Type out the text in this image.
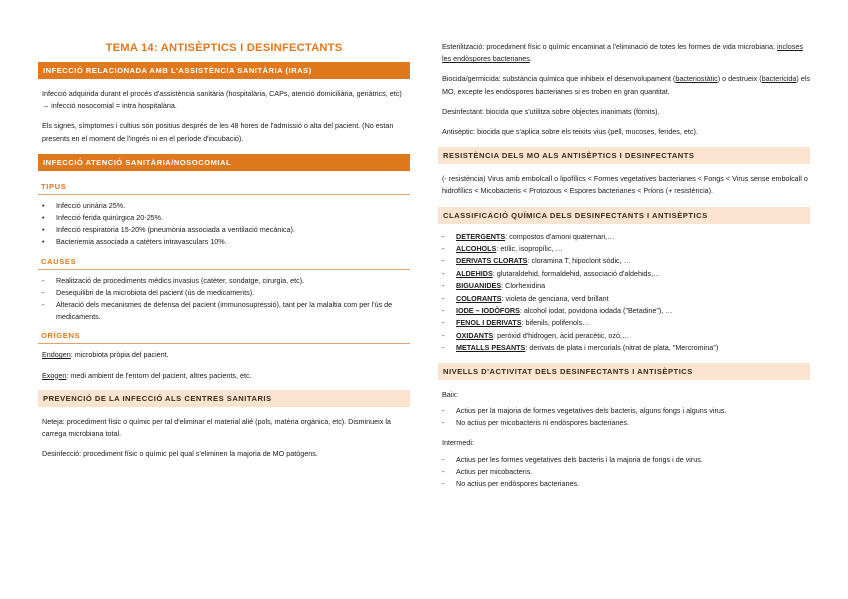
TEMA 14: ANTISÈPTICS I DESINFECTANTS
INFECCIÓ RELACIONADA AMB L'ASSISTÈNCIA SANITÀRIA (IRAS)

Infecció adquirida durant el procés d'assistència sanitària (hospitalària, CAPs, atenció domiciliària, geriàtrics, etc) → infecció nosocomial = intra hospitalària.

Els signes, símptomes i cultius són positius després de les 48 hores de l'admissió o alta del pacient. (No estan presents en el moment de l'ingrés ni en el període d'incubació).

INFECCIÓ ATENCIÓ SANITÀRIA/NOSOCOMIAL
TIPUS
• Infecció urinària 25%.
• Infecció ferida quirúrgica 20-25%.
• Infecció respiratòria 15-20% (pneumònia associada a ventilació mecànica).
• Bacteriemia associada a catèters intravasculars 10%.
CAUSES
- Realització de procediments mèdics invasius (catèter, sondatge, cirurgia, etc).
- Desequilibri de la microbiota del pacient (ús de medicaments).
- Alteració dels mecanismes de defensa del pacient (immunosupressió), tant per la malaltia com per l'ús de medicaments.
ORÍGENS

Endogen: microbiota pròpia del pacient.

Exogen: medi ambient de l'entorn del pacient, altres pacients, etc.

PREVENCIÓ DE LA INFECCIÓ ALS CENTRES SANITARIS

Neteja: procediment físic o químic per tal d'eliminar el material alié (pols, matèria orgànica, etc). Disminueix la carrega microbiana total.

Desinfecció: procediment físic o químic pel qual s'eliminen la majoria de MO patògens.

Esterilització: procediment físic o químic encaminat a l'eliminació de totes les formes de vida microbiana, incloses les endòspores bacterianes.

Biocida/germicida: substància química que inhibeix el desenvolupament (bacteriostàtic) o destrueix (bactericida) els MO, excepte les endòspores bacterianes si es troben en gran quantitat.

Desinfectant: biocida que s'utilitza sobre objectes inanimats (fòmits).

Antisèptic: biocida que s'aplica sobre els teixits vius (pell, mucoses, ferides, etc).

RESISTÈNCIA DELS MO ALS ANTISÈPTICS I DESINFECTANTS

(- resistència) Virus amb embolcall o lipofílics < Formes vegetatives bacterianes < Fongs < Virus sense embolcall o hidrofílics < Micobacteris < Protozous < Espores bacterianes < Prions (+ resistència).

CLASSIFICACIÓ QUÍMICA DELS DESINFECTANTS I ANTISÈPTICS
- DETERGENTS: compostos d'amoni quaternari,…
- ALCOHOLS: etílic, isopropílic, …
- DERIVATS CLORATS: cloramina T, hipoclorit sòdic, …
- ALDEHIDS: glutaraldehid, formaldehid, associació d'aldehids,…
- BIGUANIDES: Clorhexidina
- COLORANTS: violeta de genciana, verd brillant
- IODE – IODÒFORS: alcohol iodat, povidona iodada ("Betadine"), …
- FENOL I DERIVATS: bifenils, polifenols…
- OXIDANTS: peròxid d'hidrogen, àcid peracètic, ozó,…
- METALLS PESANTS: derivats de plata i mercurials (nitrat de plata, "Mercromina")
NIVELLS D'ACTIVITAT DELS DESINFECTANTS I ANTISÈPTICS

Baix:

- Actius per la majoria de formes vegetatives dels bacteris, alguns fongs i alguns virus.
- No actius per micobacteris ni endòspores bacterianes.

Intermedi:

- Actius per les formes vegetatives dels bacteris i la majoria de fongs i de virus.
- Actius per micobacteris.
- No actius per endòspores bacterianes.
